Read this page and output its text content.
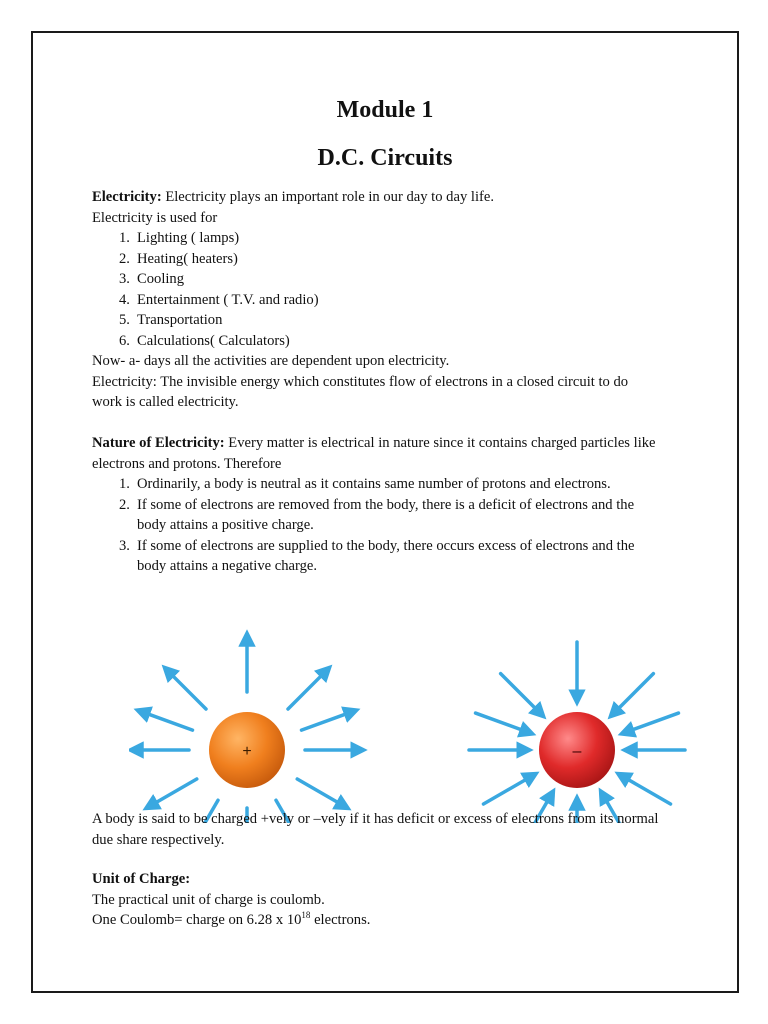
Module 1
D.C. Circuits
Electricity: Electricity plays an important role in our day to day life.
Electricity is used for
1. Lighting ( lamps)
2. Heating( heaters)
3. Cooling
4. Entertainment ( T.V. and radio)
5. Transportation
6. Calculations( Calculators)
Now- a- days all the activities are dependent upon electricity.
Electricity: The invisible energy which constitutes flow of electrons in a closed circuit to do
work is called electricity.
Nature of Electricity: Every matter is electrical in nature since it contains charged particles like
electrons and protons. Therefore
1. Ordinarily, a body is neutral as it contains same number of protons and electrons.
2. If some of electrons are removed from the body, there is a deficit of electrons and the
body attains a positive charge.
3. If some of electrons are supplied to the body, there occurs excess of electrons and the
body attains a negative charge.
+	–
A body is said to be charged +vely or –vely if it has deficit or excess of electrons from its normal
due share respectively.
Unit of Charge:
The practical unit of charge is coulomb.
One Coulomb= charge on 6.28 x $10^{18}$ electrons.
